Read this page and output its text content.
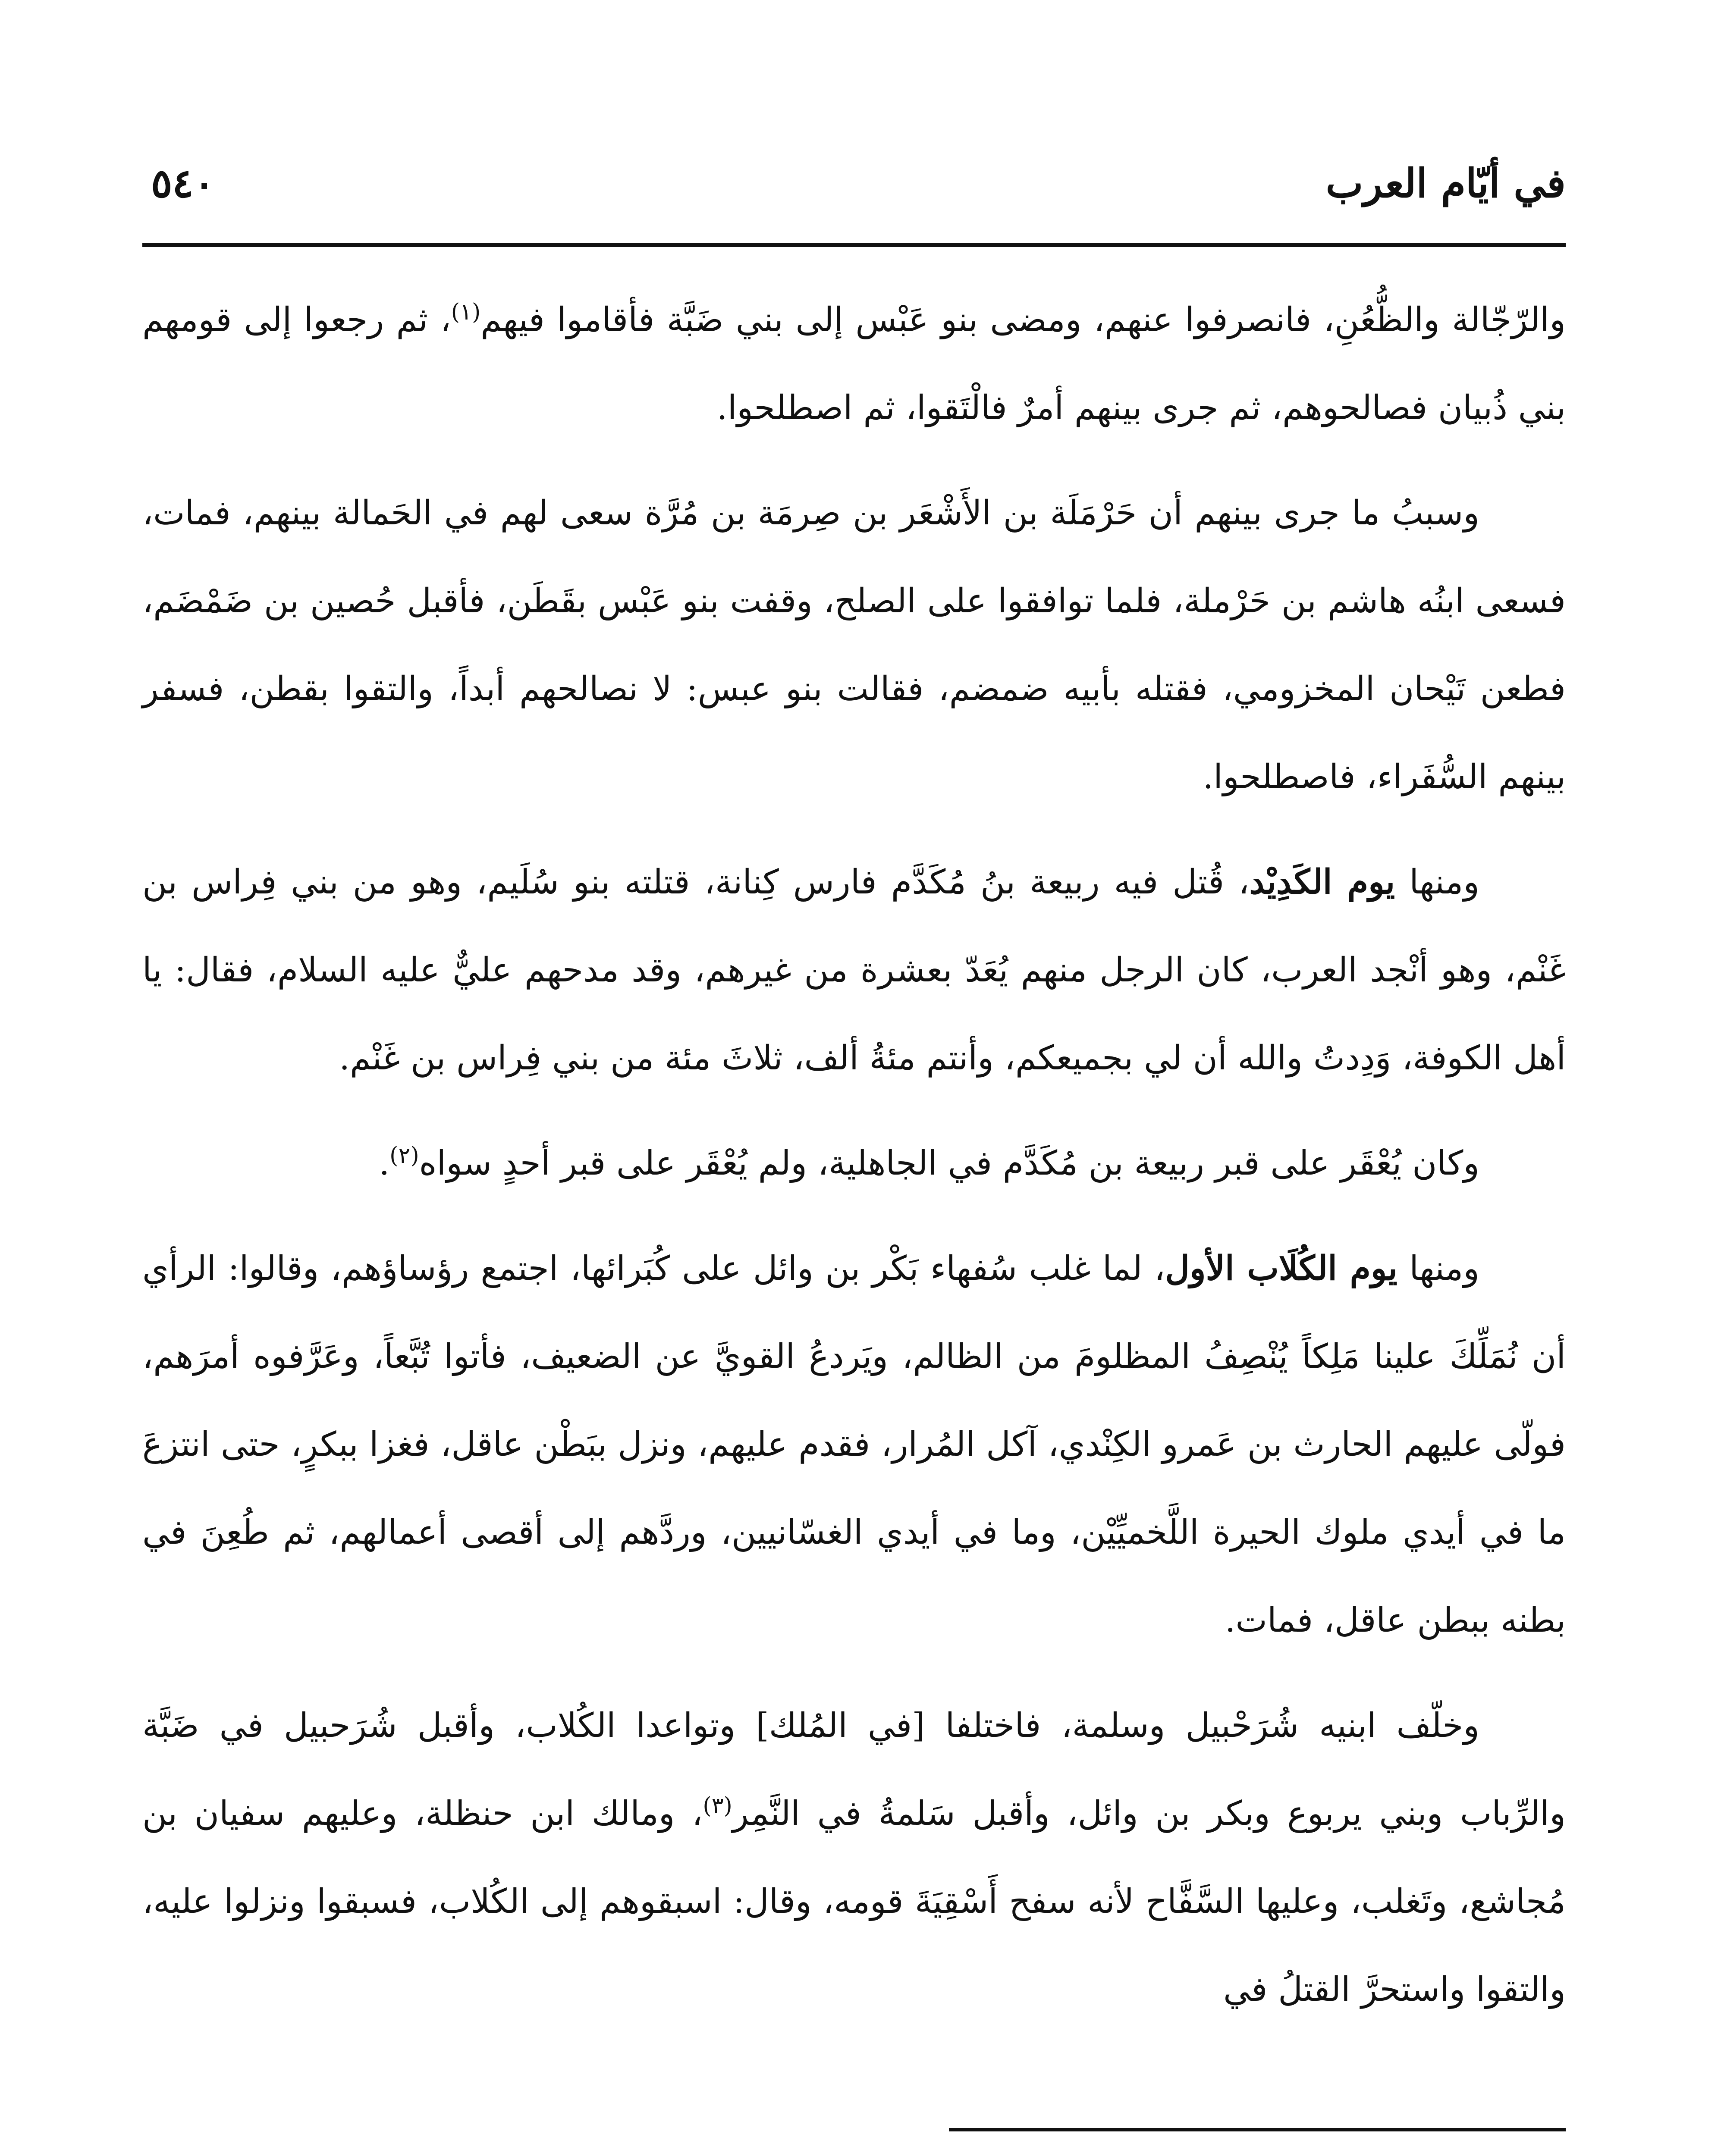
في أيّام العرب
٥٤٠

والرّجّالة والظُّعُنِ، فانصرفوا عنهم، ومضى بنو عَبْس إلى بني ضَبَّة فأقاموا فيهم$^{(١)}$، ثم رجعوا إلى قومهم بني ذُبيان فصالحوهم، ثم جرى بينهم أمرٌ فالْتَقوا، ثم اصطلحوا.

وسببُ ما جرى بينهم أن حَرْمَلَة بن الأَشْعَر بن صِرمَة بن مُرَّة سعى لهم في الحَمالة بينهم، فمات، فسعى ابنُه هاشم بن حَرْملة، فلما توافقوا على الصلح، وقفت بنو عَبْس بقَطَن، فأقبل حُصين بن ضَمْضَم، فطعن تَيْحان المخزومي، فقتله بأبيه ضمضم، فقالت بنو عبس: لا نصالحهم أبداً، والتقوا بقطن، فسفر بينهم السُّفَراء، فاصطلحوا.

ومنها يوم الكَدِيْد، قُتل فيه ربيعة بنُ مُكَدَّم فارس كِنانة، قتلته بنو سُلَيم، وهو من بني فِراس بن غَنْم، وهو أنْجد العرب، كان الرجل منهم يُعَدّ بعشرة من غيرهم، وقد مدحهم عليٌّ عليه السلام، فقال: يا أهل الكوفة، وَدِدتُ والله أن لي بجميعكم، وأنتم مئةُ ألف، ثلاثَ مئة من بني فِراس بن غَنْم.

وكان يُعْقَر على قبر ربيعة بن مُكَدَّم في الجاهلية، ولم يُعْقَر على قبر أحدٍ سواه$^{(٢)}$.

ومنها يوم الكُلَاب الأول، لما غلب سُفهاء بَكْر بن وائل على كُبَرائها، اجتمع رؤساؤهم، وقالوا: الرأي أن نُمَلِّكَ علينا مَلِكاً يُنْصِفُ المظلومَ من الظالم، ويَردعُ القويَّ عن الضعيف، فأتوا تُبَّعاً، وعَرَّفوه أمرَهم، فولّى عليهم الحارث بن عَمرو الكِنْدي، آكل المُرار، فقدم عليهم، ونزل ببَطْن عاقل، فغزا ببكرٍ، حتى انتزعَ ما في أيدي ملوك الحيرة اللَّخميِّيْن، وما في أيدي الغسّانيين، وردَّهم إلى أقصى أعمالهم، ثم طُعِنَ في بطنه ببطن عاقل، فمات.

وخلّف ابنيه شُرَحْبيل وسلمة، فاختلفا [في المُلك] وتواعدا الكُلاب، وأقبل شُرَحبيل في ضَبَّة والرِّباب وبني يربوع وبكر بن وائل، وأقبل سَلمةُ في النَّمِر$^{(٣)}$، ومالك ابن حنظلة، وعليهم سفيان بن مُجاشع، وتَغلب، وعليها السَّفَّاح لأنه سفح أَسْقِيَةَ قومه، وقال: اسبقوهم إلى الكُلاب، فسبقوا ونزلوا عليه، والتقوا واستحرَّ القتلُ في
